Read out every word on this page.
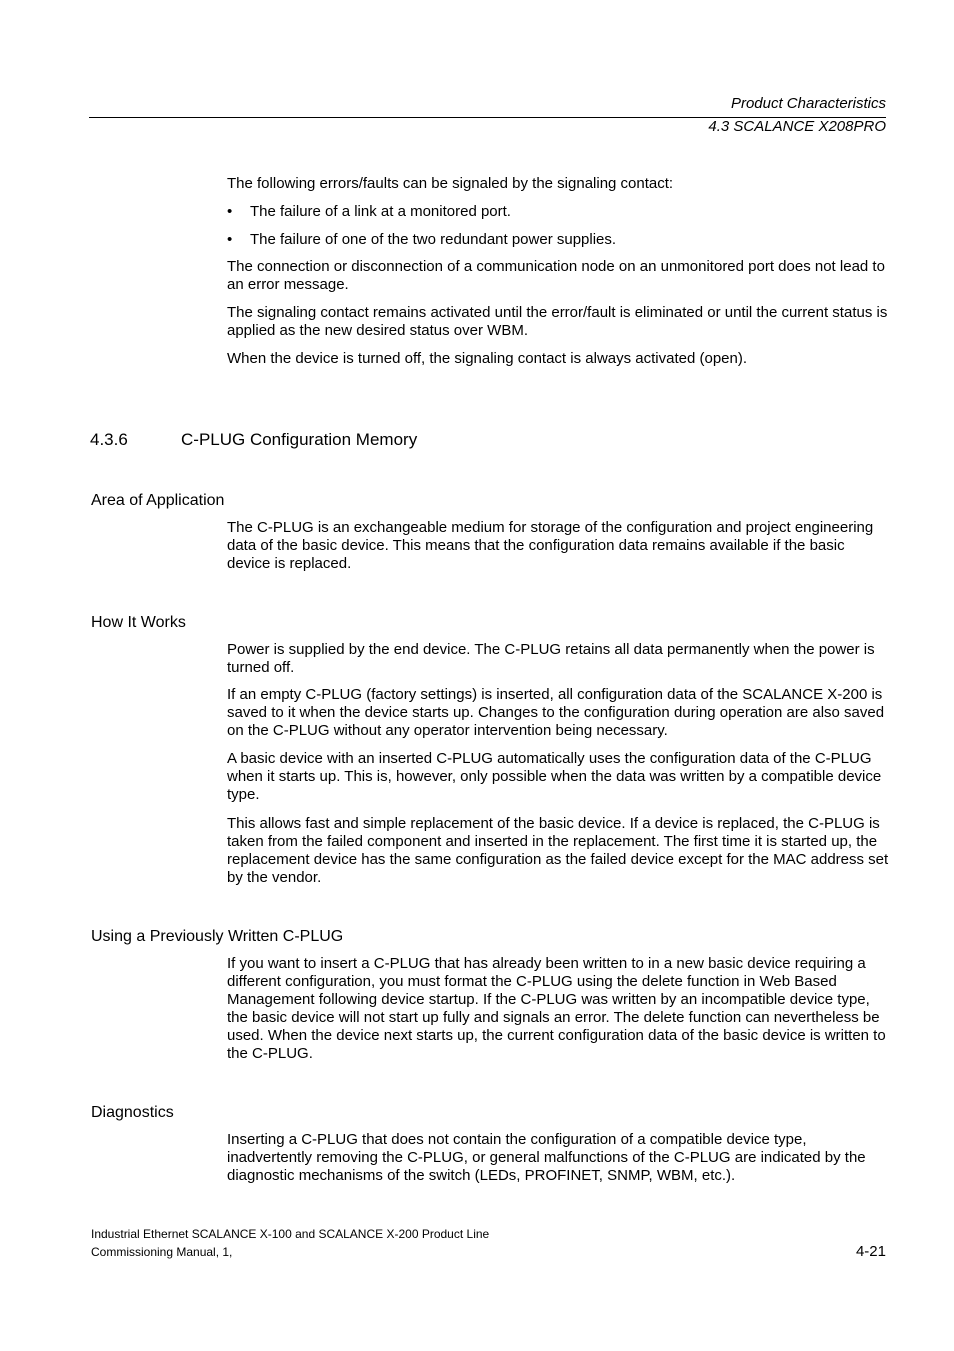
Product Characteristics
4.3 SCALANCE X208PRO

The following errors/faults can be signaled by the signaling contact:

• The failure of a link at a monitored port.
• The failure of one of the two redundant power supplies.

The connection or disconnection of a communication node on an unmonitored port does not lead to an error message.

The signaling contact remains activated until the error/fault is eliminated or until the current status is applied as the new desired status over WBM.

When the device is turned off, the signaling contact is always activated (open).

4.3.6	C-PLUG Configuration Memory
Area of Application

The C-PLUG is an exchangeable medium for storage of the configuration and project engineering data of the basic device. This means that the configuration data remains available if the basic device is replaced.

How It Works

Power is supplied by the end device. The C-PLUG retains all data permanently when the power is turned off.

If an empty C-PLUG (factory settings) is inserted, all configuration data of the SCALANCE X-200 is saved to it when the device starts up. Changes to the configuration during operation are also saved on the C-PLUG without any operator intervention being necessary.

A basic device with an inserted C-PLUG automatically uses the configuration data of the C-PLUG when it starts up. This is, however, only possible when the data was written by a compatible device type.

This allows fast and simple replacement of the basic device. If a device is replaced, the C-PLUG is taken from the failed component and inserted in the replacement. The first time it is started up, the replacement device has the same configuration as the failed device except for the MAC address set by the vendor.

Using a Previously Written C-PLUG

If you want to insert a C-PLUG that has already been written to in a new basic device requiring a different configuration, you must format the C-PLUG using the delete function in Web Based Management following device startup. If the C-PLUG was written by an incompatible device type, the basic device will not start up fully and signals an error. The delete function can nevertheless be used. When the device next starts up, the current configuration data of the basic device is written to the C-PLUG.

Diagnostics

Inserting a C-PLUG that does not contain the configuration of a compatible device type, inadvertently removing the C-PLUG, or general malfunctions of the C-PLUG are indicated by the diagnostic mechanisms of the switch (LEDs, PROFINET, SNMP, WBM, etc.).

Industrial Ethernet SCALANCE X-100 and SCALANCE X-200 Product Line
Commissioning Manual, 1,	4-21
